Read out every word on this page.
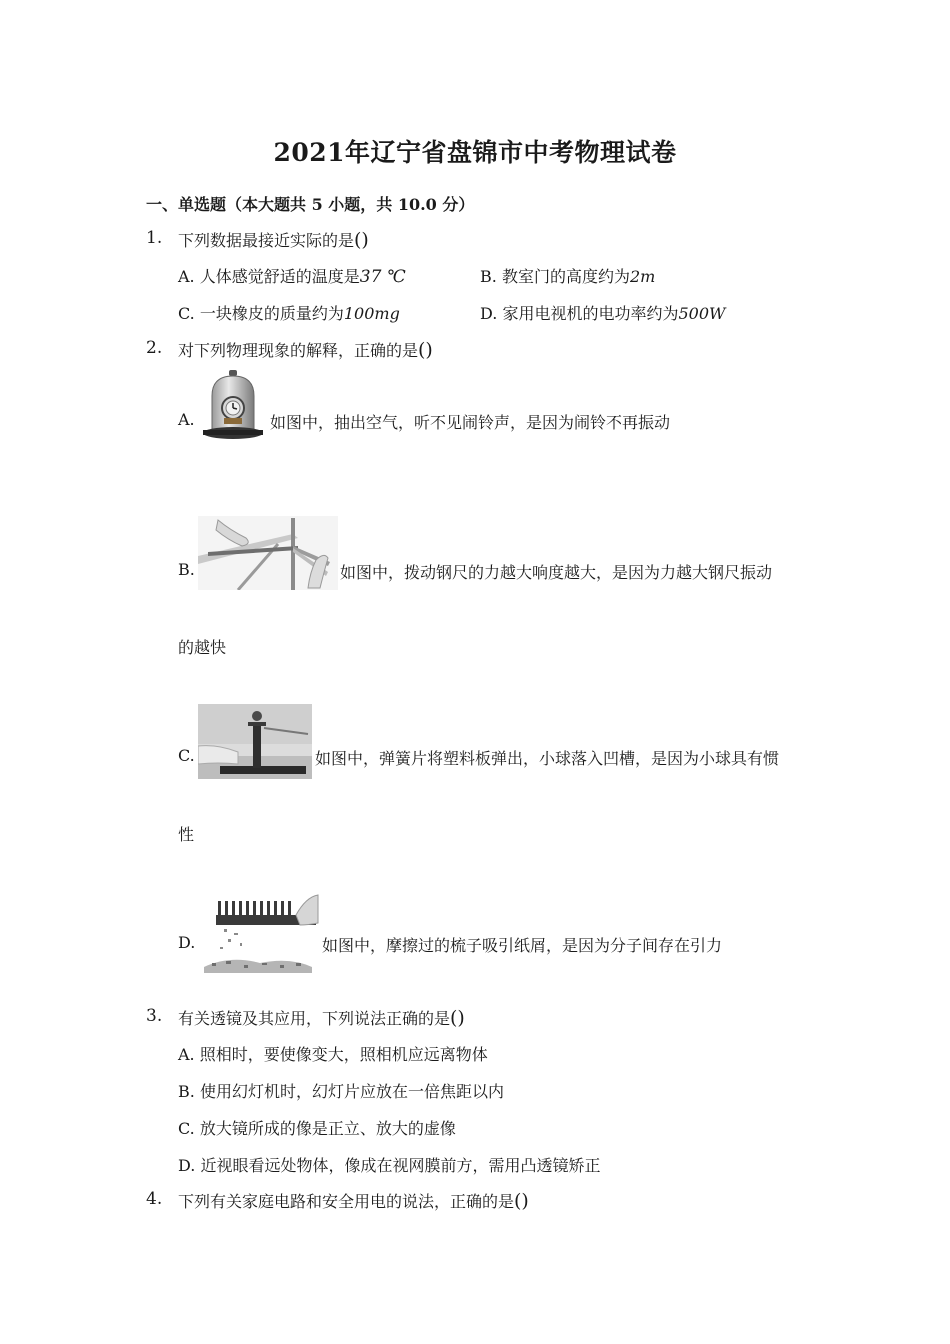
2021年辽宁省盘锦市中考物理试卷
一、单选题（本大题共 5 小题，共 10.0 分）
1. 下列数据最接近实际的是()
A. 人体感觉舒适的温度是37 ℃	B. 教室门的高度约为2m
C. 一块橡皮的质量约为100mg	D. 家用电视机的电功率约为500W
2. 对下列物理现象的解释，正确的是()
A.	如图中，抽出空气，听不见闹铃声，是因为闹铃不再振动
B.	如图中，拨动钢尺的力越大响度越大，是因为力越大钢尺振动
的越快
C.	如图中，弹簧片将塑料板弹出，小球落入凹槽，是因为小球具有惯
性
D.	如图中，摩擦过的梳子吸引纸屑，是因为分子间存在引力
3. 有关透镜及其应用，下列说法正确的是()
A. 照相时，要使像变大，照相机应远离物体
B. 使用幻灯机时，幻灯片应放在一倍焦距以内
C. 放大镜所成的像是正立、放大的虚像
D. 近视眼看远处物体，像成在视网膜前方，需用凸透镜矫正
4. 下列有关家庭电路和安全用电的说法，正确的是()
